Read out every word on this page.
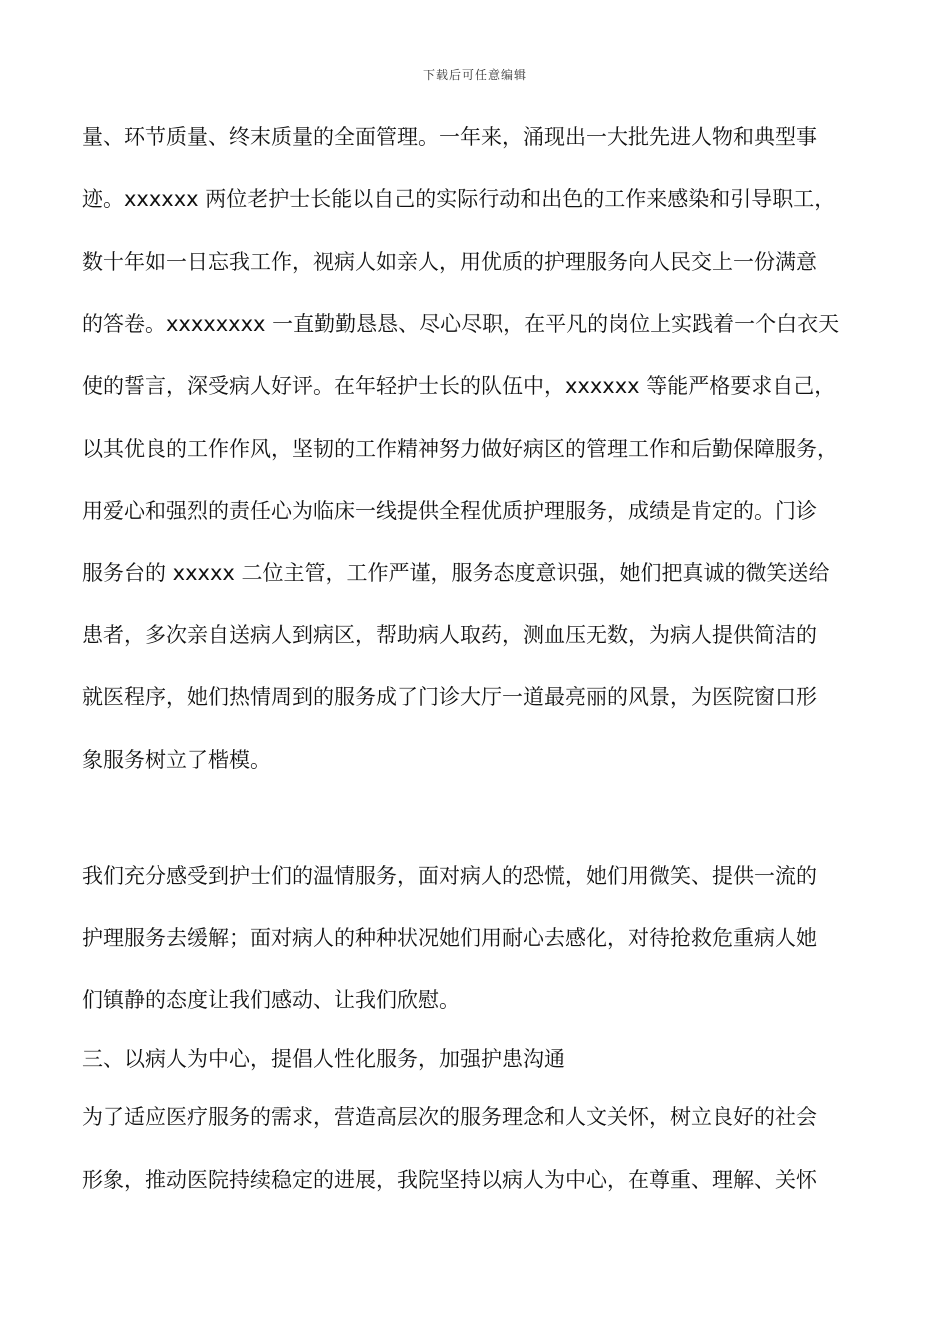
下载后可任意编辑
量、环节质量、终末质量的全面管理。一年来，涌现出一大批先进人物和典型事
迹。xxxxxx 两位老护士长能以自己的实际行动和出色的工作来感染和引导职工，
数十年如一日忘我工作，视病人如亲人，用优质的护理服务向人民交上一份满意
的答卷。xxxxxxxx 一直勤勤恳恳、尽心尽职，在平凡的岗位上实践着一个白衣天
使的誓言，深受病人好评。在年轻护士长的队伍中，xxxxxx 等能严格要求自己，
以其优良的工作作风，坚韧的工作精神努力做好病区的管理工作和后勤保障服务，
用爱心和强烈的责任心为临床一线提供全程优质护理服务，成绩是肯定的。门诊
服务台的 xxxxx 二位主管，工作严谨，服务态度意识强，她们把真诚的微笑送给
患者，多次亲自送病人到病区，帮助病人取药，测血压无数，为病人提供简洁的
就医程序，她们热情周到的服务成了门诊大厅一道最亮丽的风景，为医院窗口形
象服务树立了楷模。
我们充分感受到护士们的温情服务，面对病人的恐慌，她们用微笑、提供一流的
护理服务去缓解；面对病人的种种状况她们用耐心去感化，对待抢救危重病人她
们镇静的态度让我们感动、让我们欣慰。
三、以病人为中心，提倡人性化服务，加强护患沟通
为了适应医疗服务的需求，营造高层次的服务理念和人文关怀，树立良好的社会
形象，推动医院持续稳定的进展，我院坚持以病人为中心，在尊重、理解、关怀
